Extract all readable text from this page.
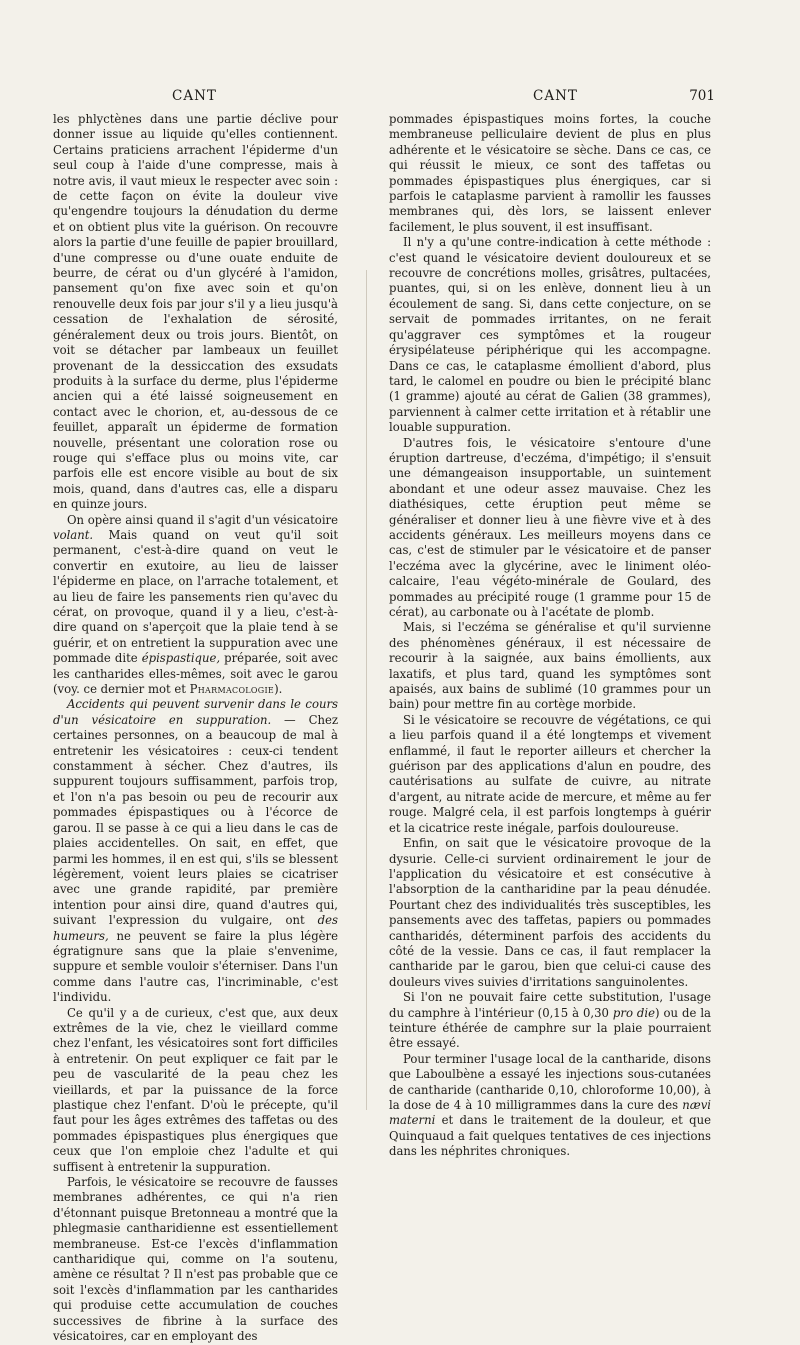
CANT	CANT	701

les phlyctènes dans une partie déclive pour donner issue au liquide qu'elles contiennent. Certains praticiens arrachent l'épiderme d'un seul coup à l'aide d'une compresse, mais à notre avis, il vaut mieux le respecter avec soin : de cette façon on évite la douleur vive qu'engendre toujours la dénudation du derme et on obtient plus vite la guérison. On recouvre alors la partie d'une feuille de papier brouillard, d'une compresse ou d'une ouate enduite de beurre, de cérat ou d'un glycéré à l'amidon, pansement qu'on fixe avec soin et qu'on renouvelle deux fois par jour s'il y a lieu jusqu'à cessation de l'exhalation de sérosité, généralement deux ou trois jours. Bientôt, on voit se détacher par lambeaux un feuillet provenant de la dessiccation des exsudats produits à la surface du derme, plus l'épiderme ancien qui a été laissé soigneusement en contact avec le chorion, et, au-dessous de ce feuillet, apparaît un épiderme de formation nouvelle, présentant une coloration rose ou rouge qui s'efface plus ou moins vite, car parfois elle est encore visible au bout de six mois, quand, dans d'autres cas, elle a disparu en quinze jours.

On opère ainsi quand il s'agit d'un vésicatoire volant. Mais quand on veut qu'il soit permanent, c'est-à-dire quand on veut le convertir en exutoire, au lieu de laisser l'épiderme en place, on l'arrache totalement, et au lieu de faire les pansements rien qu'avec du cérat, on provoque, quand il y a lieu, c'est-à-dire quand on s'aperçoit que la plaie tend à se guérir, et on entretient la suppuration avec une pommade dite épispastique, préparée, soit avec les cantharides elles-mêmes, soit avec le garou (voy. ce dernier mot et Pharmacologie).

Accidents qui peuvent survenir dans le cours d'un vésicatoire en suppuration. — Chez certaines personnes, on a beaucoup de mal à entretenir les vésicatoires : ceux-ci tendent constamment à sécher. Chez d'autres, ils suppurent toujours suffisamment, parfois trop, et l'on n'a pas besoin ou peu de recourir aux pommades épispastiques ou à l'écorce de garou. Il se passe à ce qui a lieu dans le cas de plaies accidentelles. On sait, en effet, que parmi les hommes, il en est qui, s'ils se blessent légèrement, voient leurs plaies se cicatriser avec une grande rapidité, par première intention pour ainsi dire, quand d'autres qui, suivant l'expression du vulgaire, ont des humeurs, ne peuvent se faire la plus légère égratignure sans que la plaie s'envenime, suppure et semble vouloir s'éterniser. Dans l'un comme dans l'autre cas, l'incriminable, c'est l'individu.

Ce qu'il y a de curieux, c'est que, aux deux extrêmes de la vie, chez le vieillard comme chez l'enfant, les vésicatoires sont fort difficiles à entretenir. On peut expliquer ce fait par le peu de vascularité de la peau chez les vieillards, et par la puissance de la force plastique chez l'enfant. D'où le précepte, qu'il faut pour les âges extrêmes des taffetas ou des pommades épispastiques plus énergiques que ceux que l'on emploie chez l'adulte et qui suffisent à entretenir la suppuration.

Parfois, le vésicatoire se recouvre de fausses membranes adhérentes, ce qui n'a rien d'étonnant puisque Bretonneau a montré que la phlegmasie cantharidienne est essentiellement membraneuse. Est-ce l'excès d'inflammation cantharidique qui, comme on l'a soutenu, amène ce résultat ? Il n'est pas probable que ce soit l'excès d'inflammation par les cantharides qui produise cette accumulation de couches successives de fibrine à la surface des vésicatoires, car en employant des

pommades épispastiques moins fortes, la couche membraneuse pelliculaire devient de plus en plus adhérente et le vésicatoire se sèche. Dans ce cas, ce qui réussit le mieux, ce sont des taffetas ou pommades épispastiques plus énergiques, car si parfois le cataplasme parvient à ramollir les fausses membranes qui, dès lors, se laissent enlever facilement, le plus souvent, il est insuffisant.

Il n'y a qu'une contre-indication à cette méthode : c'est quand le vésicatoire devient douloureux et se recouvre de concrétions molles, grisâtres, pultacées, puantes, qui, si on les enlève, donnent lieu à un écoulement de sang. Si, dans cette conjecture, on se servait de pommades irritantes, on ne ferait qu'aggraver ces symptômes et la rougeur érysipélateuse périphérique qui les accompagne. Dans ce cas, le cataplasme émollient d'abord, plus tard, le calomel en poudre ou bien le précipité blanc (1 gramme) ajouté au cérat de Galien (38 grammes), parviennent à calmer cette irritation et à rétablir une louable suppuration.

D'autres fois, le vésicatoire s'entoure d'une éruption dartreuse, d'eczéma, d'impétigo; il s'ensuit une démangeaison insupportable, un suintement abondant et une odeur assez mauvaise. Chez les diathésiques, cette éruption peut même se généraliser et donner lieu à une fièvre vive et à des accidents généraux. Les meilleurs moyens dans ce cas, c'est de stimuler par le vésicatoire et de panser l'eczéma avec la glycérine, avec le liniment oléo-calcaire, l'eau végéto-minérale de Goulard, des pommades au précipité rouge (1 gramme pour 15 de cérat), au carbonate ou à l'acétate de plomb.

Mais, si l'eczéma se généralise et qu'il survienne des phénomènes généraux, il est nécessaire de recourir à la saignée, aux bains émollients, aux laxatifs, et plus tard, quand les symptômes sont apaisés, aux bains de sublimé (10 grammes pour un bain) pour mettre fin au cortège morbide.

Si le vésicatoire se recouvre de végétations, ce qui a lieu parfois quand il a été longtemps et vivement enflammé, il faut le reporter ailleurs et chercher la guérison par des applications d'alun en poudre, des cautérisations au sulfate de cuivre, au nitrate d'argent, au nitrate acide de mercure, et même au fer rouge. Malgré cela, il est parfois longtemps à guérir et la cicatrice reste inégale, parfois douloureuse.

Enfin, on sait que le vésicatoire provoque de la dysurie. Celle-ci survient ordinairement le jour de l'application du vésicatoire et est consécutive à l'absorption de la cantharidine par la peau dénudée. Pourtant chez des individualités très susceptibles, les pansements avec des taffetas, papiers ou pommades cantharidés, déterminent parfois des accidents du côté de la vessie. Dans ce cas, il faut remplacer la cantharide par le garou, bien que celui-ci cause des douleurs vives suivies d'irritations sanguinolentes.

Si l'on ne pouvait faire cette substitution, l'usage du camphre à l'intérieur (0,15 à 0,30 pro die) ou de la teinture éthérée de camphre sur la plaie pourraient être essayé.

Pour terminer l'usage local de la cantharide, disons que Laboulbène a essayé les injections sous-cutanées de cantharide (cantharide 0,10, chloroforme 10,00), à la dose de 4 à 10 milligrammes dans la cure des nævi materni et dans le traitement de la douleur, et que Quinquaud a fait quelques tentatives de ces injections dans les néphrites chroniques.
